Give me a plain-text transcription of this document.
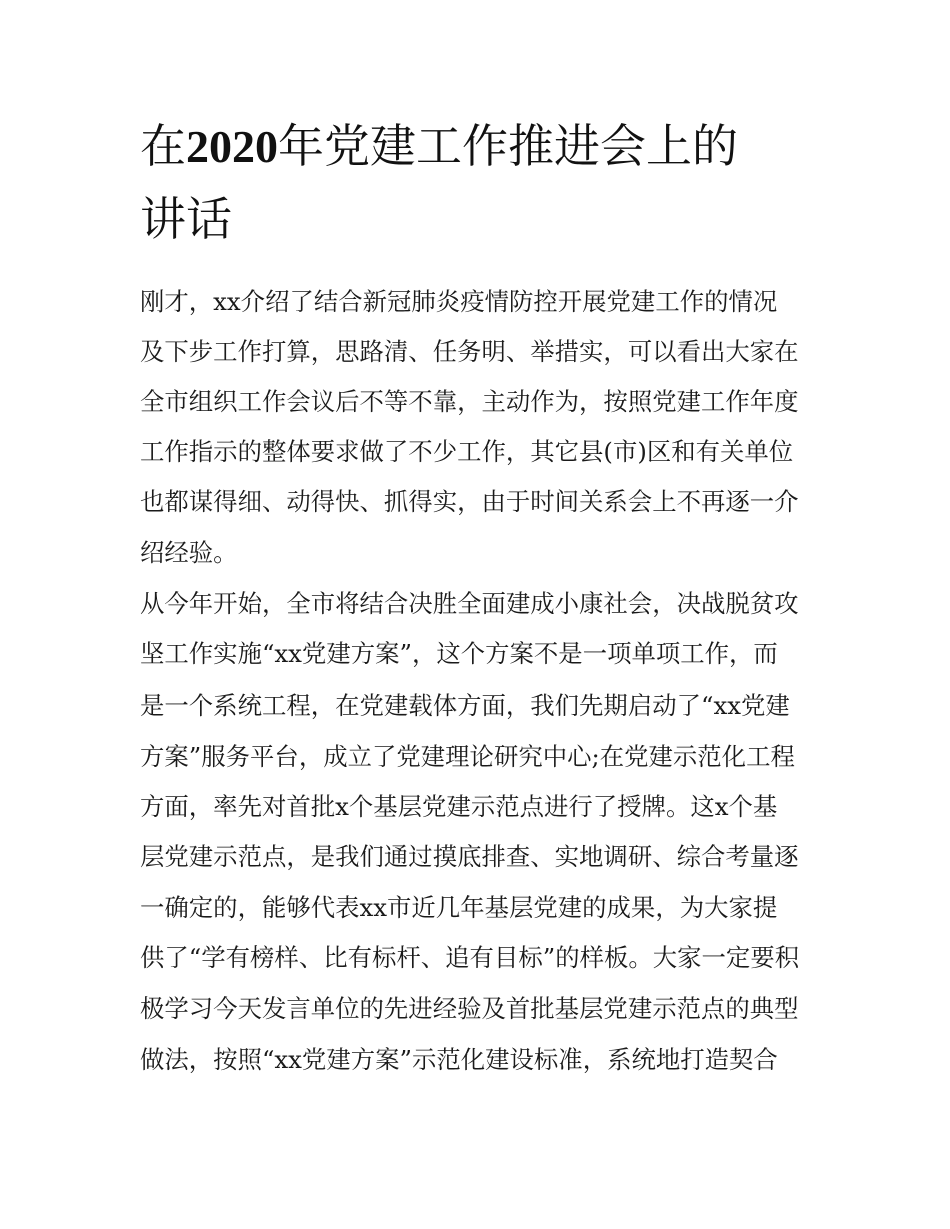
在2020年党建工作推进会上的
讲话

刚才，xx介绍了结合新冠肺炎疫情防控开展党建工作的情况

及下步工作打算，思路清、任务明、举措实，可以看出大家在

全市组织工作会议后不等不靠，主动作为，按照党建工作年度

工作指示的整体要求做了不少工作，其它县(市)区和有关单位

也都谋得细、动得快、抓得实，由于时间关系会上不再逐一介

绍经验。

从今年开始，全市将结合决胜全面建成小康社会，决战脱贫攻

坚工作实施“xx党建方案”，这个方案不是一项单项工作，而

是一个系统工程，在党建载体方面，我们先期启动了“xx党建

方案”服务平台，成立了党建理论研究中心;在党建示范化工程

方面，率先对首批x个基层党建示范点进行了授牌。这x个基

层党建示范点，是我们通过摸底排查、实地调研、综合考量逐

一确定的，能够代表xx市近几年基层党建的成果，为大家提

供了“学有榜样、比有标杆、追有目标”的样板。大家一定要积

极学习今天发言单位的先进经验及首批基层党建示范点的典型

做法，按照“xx党建方案”示范化建设标准，系统地打造契合
